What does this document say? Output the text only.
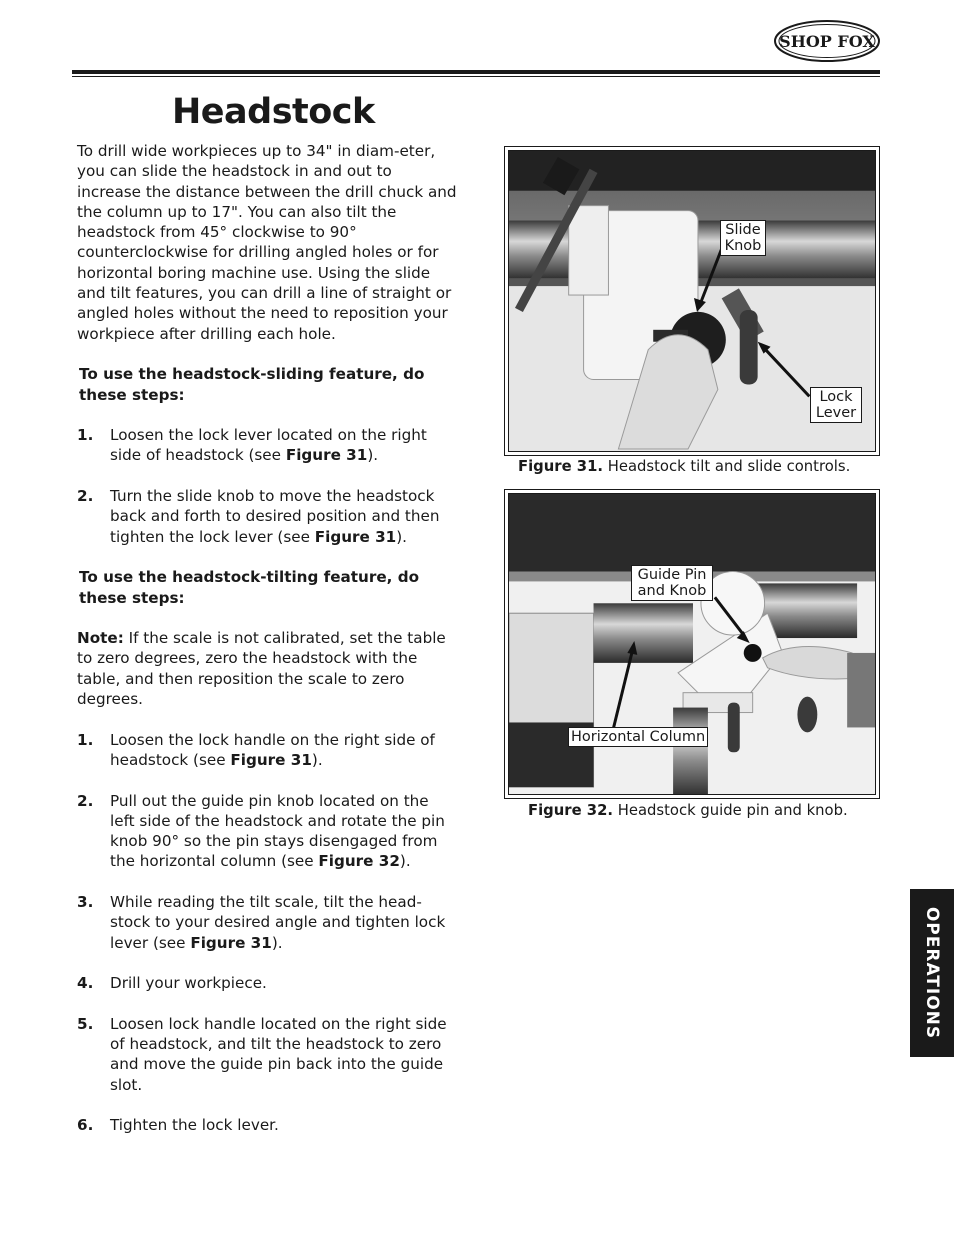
SHOP FOX
Headstock

To drill wide workpieces up to 34" in diam-eter, you can slide the headstock in and out to increase the distance between the drill chuck and the column up to 17". You can also tilt the headstock from 45° clockwise to 90° counterclockwise for drilling angled holes or for horizontal boring machine use. Using the slide and tilt features, you can drill a line of straight or angled holes without the need to reposition your workpiece after drilling each hole.

To use the headstock-sliding feature, do these steps:

1.	Loosen the lock lever located on the right side of headstock (see Figure 31).
2.	Turn the slide knob to move the headstock back and forth to desired position and then tighten the lock lever (see Figure 31).

To use the headstock-tilting feature, do these steps:

Note: If the scale is not calibrated, set the table to zero degrees, zero the headstock with the table, and then reposition the scale to zero degrees.

1.	Loosen the lock handle on the right side of headstock (see Figure 31).
2.	Pull out the guide pin knob located on the left side of the headstock and rotate the pin knob 90° so the pin stays disengaged from the horizontal column (see Figure 32).
3.	While reading the tilt scale, tilt the head-stock to your desired angle and tighten lock lever (see Figure 31).
4.	Drill your workpiece.
5.	Loosen lock handle located on the right side of headstock, and tilt the headstock to zero and move the guide pin back into the guide slot.
6.	Tighten the lock lever.
Slide Knob
Lock Lever
Figure 31. Headstock tilt and slide controls.
Guide Pin and Knob
Horizontal Column
Figure 32. Headstock guide pin and knob.
OPERATIONS
